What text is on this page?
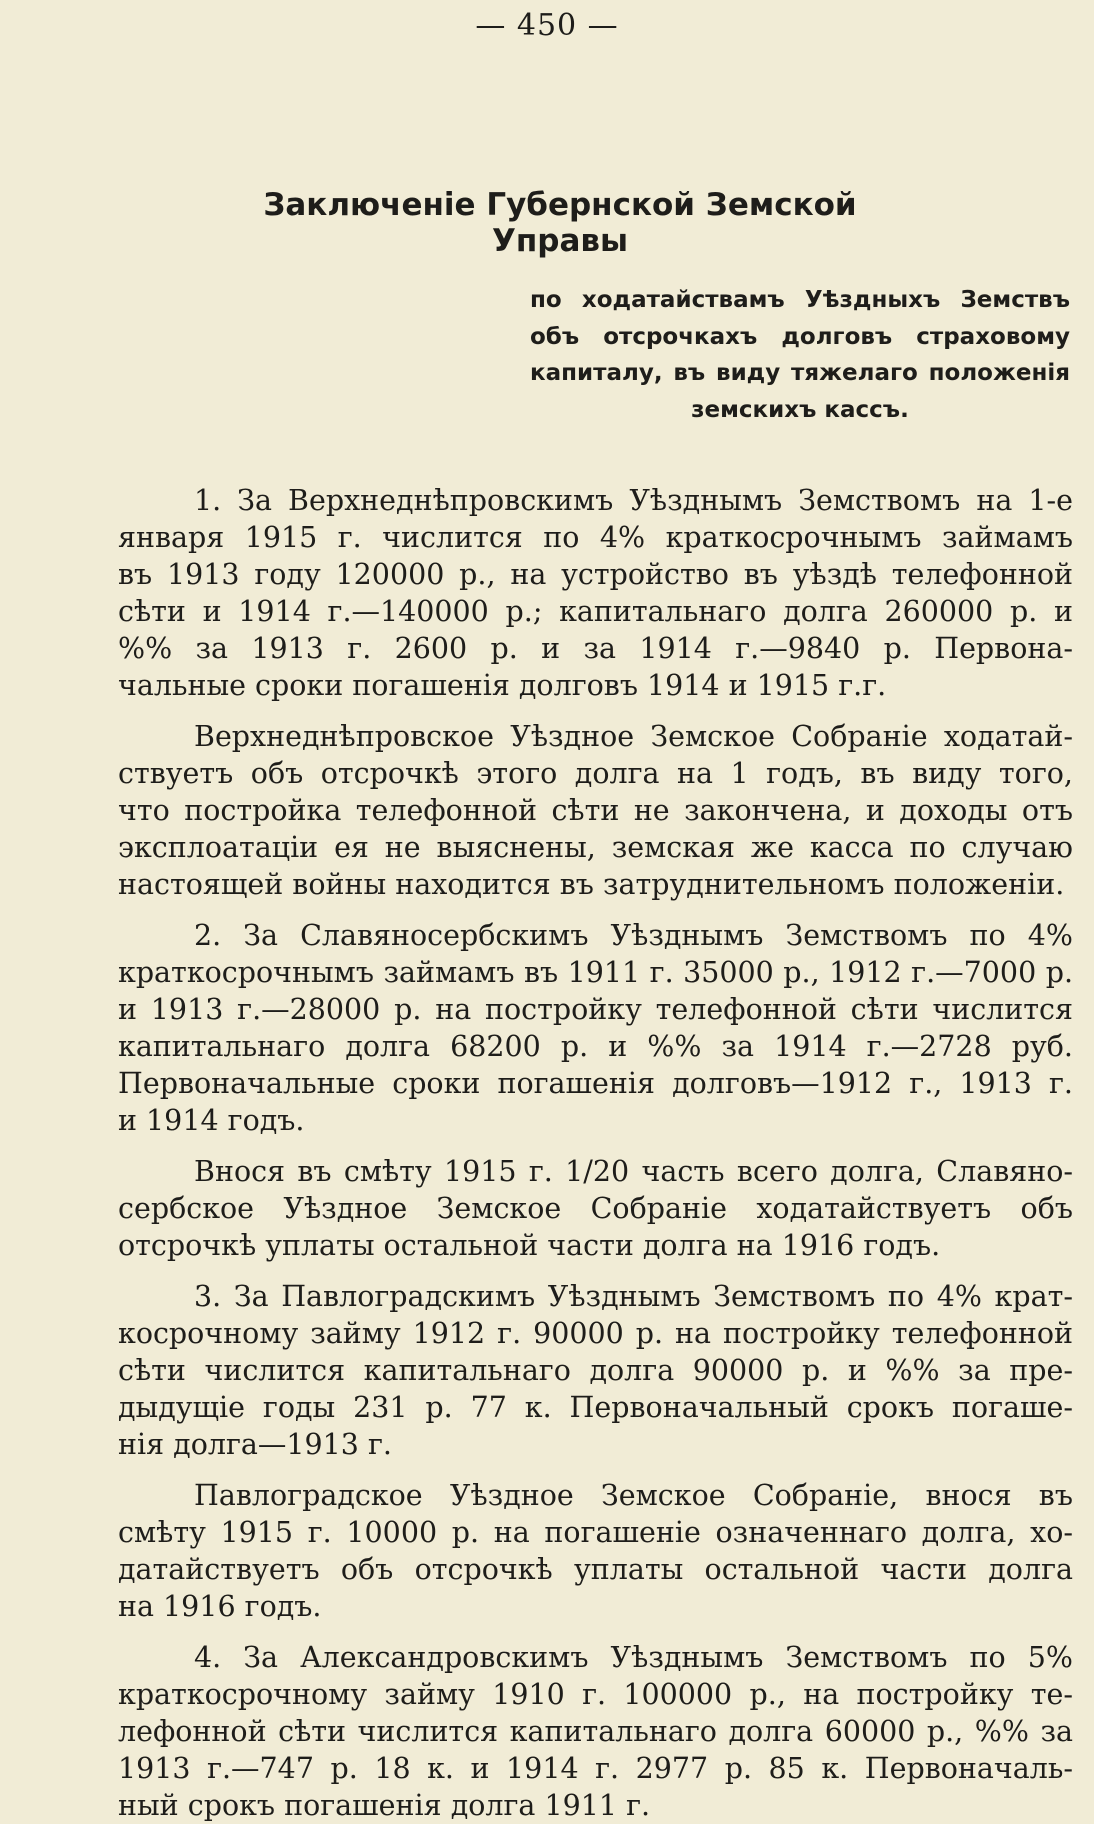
— 450 —
Заключеніе Губернской Земской Управы
по ходатайствамъ Уѣздныхъ Земствъ
объ отсрочкахъ долговъ страховому
капиталу, въ виду тяжелаго положенія
земскихъ кассъ.
1. За Верхнеднѣпровскимъ Уѣзднымъ Земствомъ на 1-е
января 1915 г. числится по 4% краткосрочнымъ займамъ
въ 1913 году 120000 р., на устройство въ уѣздѣ телефонной
сѣти и 1914 г.—140000 р.; капитальнаго долга 260000 р. и
%% за 1913 г. 2600 р. и за 1914 г.—9840 р. Первона-
чальные сроки погашенія долговъ 1914 и 1915 г.г.
Верхнеднѣпровское Уѣздное Земское Собраніе ходатай-
ствуетъ объ отсрочкѣ этого долга на 1 годъ, въ виду того,
что постройка телефонной сѣти не закончена, и доходы отъ
эксплоатаціи ея не выяснены, земская же касса по случаю
настоящей войны находится въ затруднительномъ положеніи.
2. За Славяносербскимъ Уѣзднымъ Земствомъ по 4%
краткосрочнымъ займамъ въ 1911 г. 35000 р., 1912 г.—7000 р.
и 1913 г.—28000 р. на постройку телефонной сѣти числится
капитальнаго долга 68200 р. и %% за 1914 г.—2728 руб.
Первоначальные сроки погашенія долговъ—1912 г., 1913 г.
и 1914 годъ.
Внося въ смѣту 1915 г. 1/20 часть всего долга, Славяно-
сербское Уѣздное Земское Собраніе ходатайствуетъ объ
отсрочкѣ уплаты остальной части долга на 1916 годъ.
3. За Павлоградскимъ Уѣзднымъ Земствомъ по 4% крат-
косрочному займу 1912 г. 90000 р. на постройку телефонной
сѣти числится капитальнаго долга 90000 р. и %% за пре-
дыдущіе годы 231 р. 77 к. Первоначальный срокъ погаше-
нія долга—1913 г.
Павлоградское Уѣздное Земское Собраніе, внося въ
смѣту 1915 г. 10000 р. на погашеніе означеннаго долга, хо-
датайствуетъ объ отсрочкѣ уплаты остальной части долга
на 1916 годъ.
4. За Александровскимъ Уѣзднымъ Земствомъ по 5%
краткосрочному займу 1910 г. 100000 р., на постройку те-
лефонной сѣти числится капитальнаго долга 60000 р., %% за
1913 г.—747 р. 18 к. и 1914 г. 2977 р. 85 к. Первоначаль-
ный срокъ погашенія долга 1911 г.
